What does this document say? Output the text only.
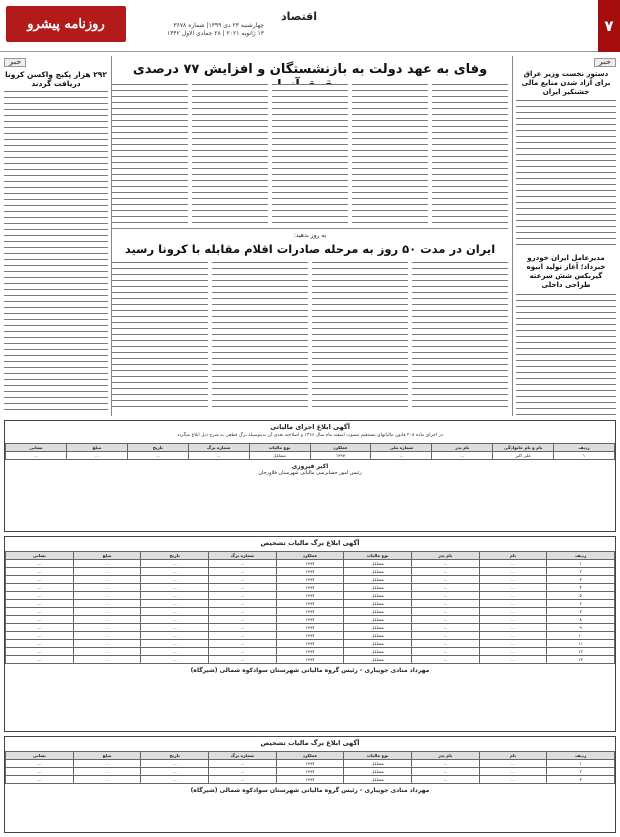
۷
اقتصاد
روزنامه پیشرو	چهارشنبه ۲۳ دی ۱۳۹۹| شماره ۳۶۷۸
۱۳ ژانویه ۲۰۲۱ | ۲۸ جمادی الاول ۱۴۴۲
خبر
دستور نخست وزیر عراق برای آزاد شدن منابع مالی جشنکیر ایران
مدیرعامل ایران خودرو خبرداد؛ آغاز تولید انبوه گیربکس شش سرعته طراحی داخلی
وفای به عهد دولت به بازنشستگان و افزایش ۷۷ درصدی
به روز بدهید:
ایران در مدت ۵۰ روز به مرحله صادرات اقلام مقابله با کرونا رسید
خبر
۲۹۲ هزار پکیج واکسن کرونا دریافت گردند
آگهی ابلاغ اجرای مالیاتی
در اجرای ماده ۲۰۸ قانون مالیاتهای مستقیم مصوب اسفند ماه سال ۱۳۶۶ و اصلاحیه بعدی آن بدینوسیله برگ قطعی به شرح ذیل ابلاغ میگردد
ردیف	نام و نام خانوادگی	نام پدر	شماره ملی	عملکرد	نوع مالیات	شماره برگ	تاریخ	مبلغ	نشانی
۱	علی اکبر	...	...	۱۳۹۷	مشاغل	...	...	...	...
اکبر فیروزی
رئیس امور حسابرسی مالیاتی شهرستان فلاورجان
آگهی ابلاغ برگ مالیات تشخیص
ردیف	نام	نام پدر	نوع مالیات	عملکرد	شماره برگ	تاریخ	مبلغ	نشانی
۱	...	...	مشاغل	۱۳۹۷	...	...	...	...
۲	...	...	مشاغل	۱۳۹۷	...	...	...	...
۳	...	...	مشاغل	۱۳۹۷	...	...	...	...
۴	...	...	مشاغل	۱۳۹۷	...	...	...	...
۵	...	...	مشاغل	۱۳۹۷	...	...	...	...
۶	...	...	مشاغل	۱۳۹۷	...	...	...	...
۷	...	...	مشاغل	۱۳۹۷	...	...	...	...
۸	...	...	مشاغل	۱۳۹۷	...	...	...	...
۹	...	...	مشاغل	۱۳۹۷	...	...	...	...
۱۰	...	...	مشاغل	۱۳۹۷	...	...	...	...
۱۱	...	...	مشاغل	۱۳۹۷	...	...	...	...
۱۲	...	...	مشاغل	۱۳۹۷	...	...	...	...
۱۳	...	...	مشاغل	۱۳۹۷	...	...	...	...
مهرداد منادی جویباری - رئیس گروه مالیاتی شهرستان سوادکوه شمالی (شیرگاه)
آگهی ابلاغ برگ مالیات تشخیص
ردیف	نام	نام پدر	نوع مالیات	عملکرد	شماره برگ	تاریخ	مبلغ	نشانی
۱	...	...	مشاغل	۱۳۹۷	...	...	...	...
۲	...	...	مشاغل	۱۳۹۷	...	...	...	...
۳	...	...	مشاغل	۱۳۹۷	...	...	...	...
مهرداد منادی جویباری - رئیس گروه مالیاتی شهرستان سوادکوه شمالی (شیرگاه)
